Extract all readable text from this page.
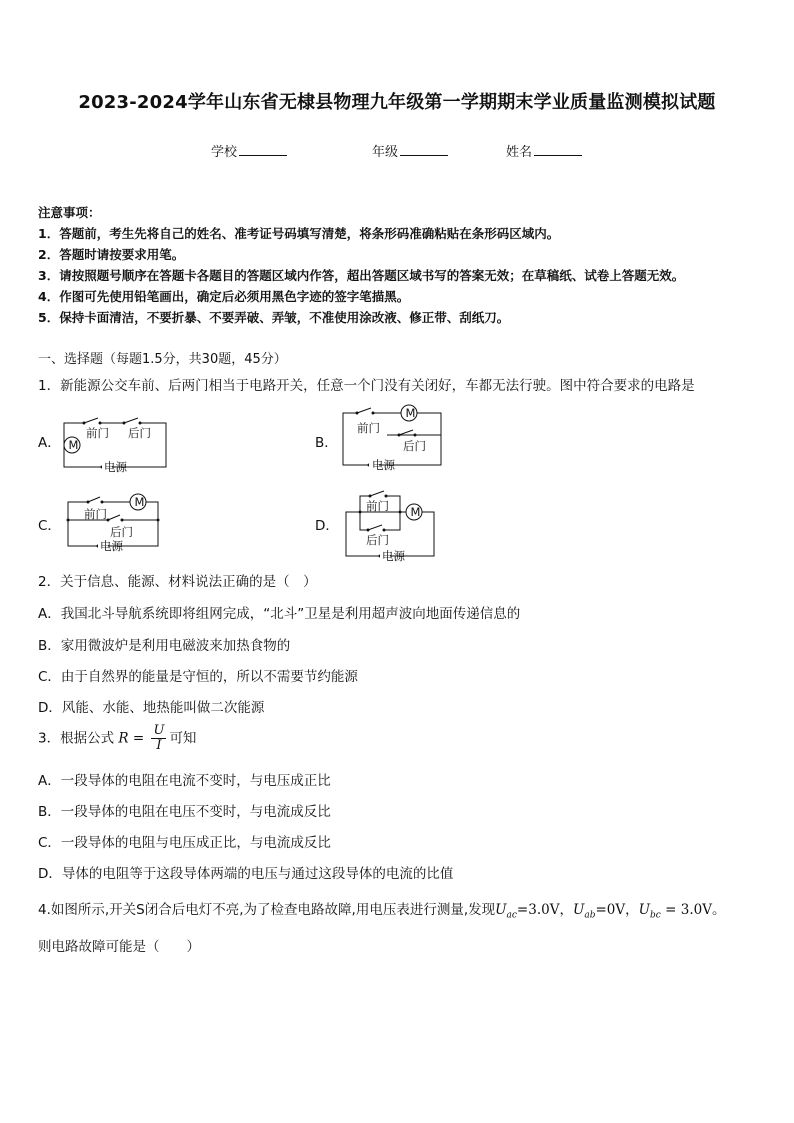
2023-2024学年山东省无棣县物理九年级第一学期期末学业质量监测模拟试题
学校	年级	姓名
注意事项：
1．答题前，考生先将自己的姓名、准考证号码填写清楚，将条形码准确粘贴在条形码区域内。
2．答题时请按要求用笔。
3．请按照题号顺序在答题卡各题目的答题区域内作答，超出答题区域书写的答案无效；在草稿纸、试卷上答题无效。
4．作图可先使用铅笔画出，确定后必须用黑色字迹的签字笔描黑。
5．保持卡面清洁，不要折暴、不要弄破、弄皱，不准使用涂改液、修正带、刮纸刀。
一、选择题（每题1.5分，共30题，45分）
1．新能源公交车前、后两门相当于电路开关，任意一个门没有关闭好，车都无法行驶。图中符合要求的电路是
A． M
前门 后门
电源
B．
M
前门
后门
电源
C．
M
前门
后门
电源
D．
M
前门
后门
电源
2．关于信息、能源、材料说法正确的是（　）
A．我国北斗导航系统即将组网完成，“北斗”卫星是利用超声波向地面传递信息的
B．家用微波炉是利用电磁波来加热食物的
C．由于自然界的能量是守恒的，所以不需要节约能源
D．风能、水能、地热能叫做二次能源
3．根据公式 $R = \frac{U}{I}$ 可知
A．一段导体的电阻在电流不变时，与电压成正比
B．一段导体的电阻在电压不变时，与电流成反比
C．一段导体的电阻与电压成正比，与电流成反比
D．导体的电阻等于这段导体两端的电压与通过这段导体的电流的比值
4.如图所示,开关S闭合后电灯不亮,为了检查电路故障,用电压表进行测量,发现$U_{ac}=3.0V$，$U_{ab}=0V$，$U_{bc} = 3.0V$。
则电路故障可能是（　　）
